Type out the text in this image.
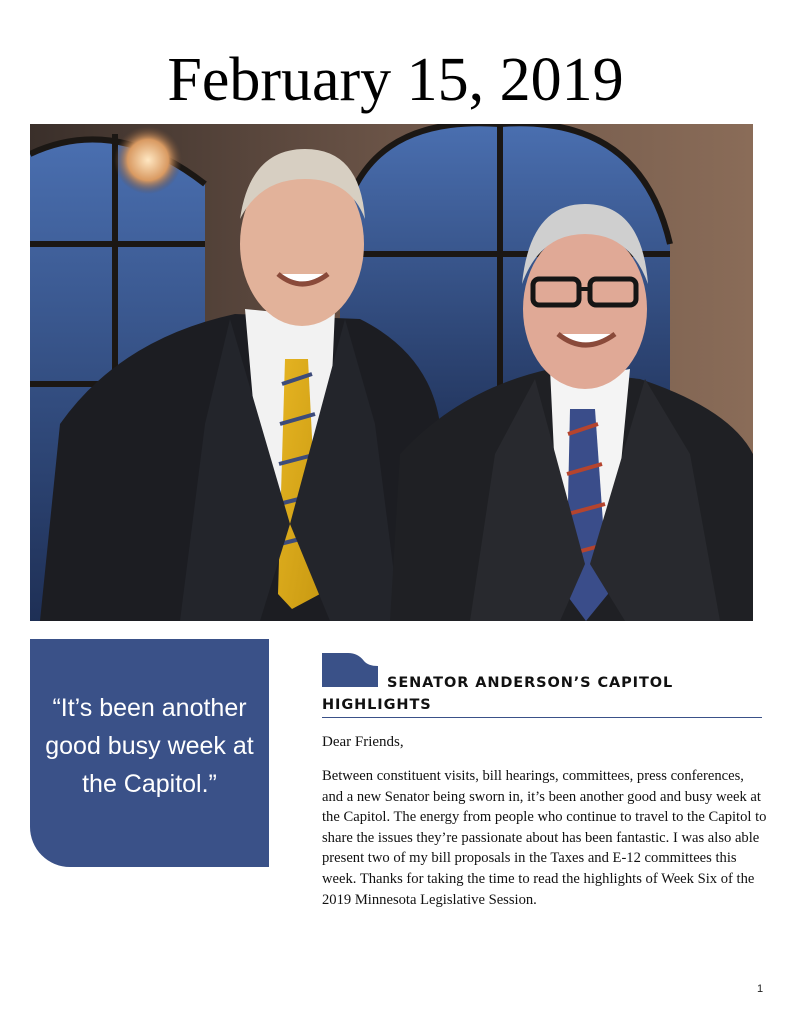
February 15, 2019
“It’s been another good busy week at the Capitol.”
SENATOR ANDERSON’S CAPITOL
HIGHLIGHTS
Dear Friends,
Between constituent visits, bill hearings, committees, press conferences, and a new Senator being sworn in, it’s been another good and busy week at the Capitol. The energy from people who continue to travel to the Capitol to share the issues they’re passionate about has been fantastic. I was also able present two of my bill proposals in the Taxes and E-12 committees this week. Thanks for taking the time to read the highlights of Week Six of the 2019 Minnesota Legislative Session.
1
